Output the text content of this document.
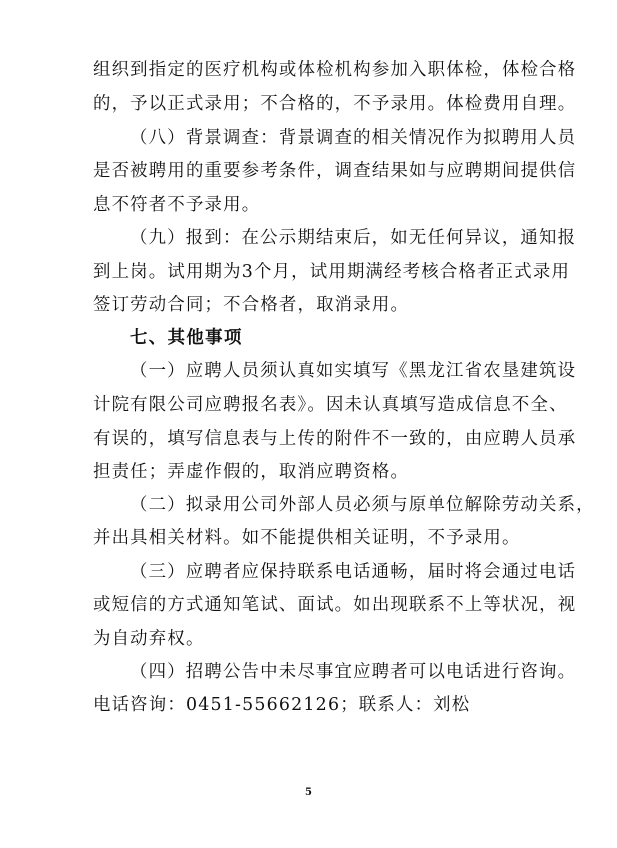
组织到指定的医疗机构或体检机构参加入职体检，体检合格
的，予以正式录用；不合格的，不予录用。体检费用自理。
（八）背景调查：背景调查的相关情况作为拟聘用人员
是否被聘用的重要参考条件，调查结果如与应聘期间提供信
息不符者不予录用。
（九）报到：在公示期结束后，如无任何异议，通知报
到上岗。试用期为3个月，试用期满经考核合格者正式录用
签订劳动合同；不合格者，取消录用。
七、其他事项
（一）应聘人员须认真如实填写《黑龙江省农垦建筑设
计院有限公司应聘报名表》。因未认真填写造成信息不全、
有误的，填写信息表与上传的附件不一致的，由应聘人员承
担责任；弄虚作假的，取消应聘资格。
（二）拟录用公司外部人员必须与原单位解除劳动关系，
并出具相关材料。如不能提供相关证明，不予录用。
（三）应聘者应保持联系电话通畅，届时将会通过电话
或短信的方式通知笔试、面试。如出现联系不上等状况，视
为自动弃权。
（四）招聘公告中未尽事宜应聘者可以电话进行咨询。
电话咨询：0451-55662126；联系人：刘松
5
